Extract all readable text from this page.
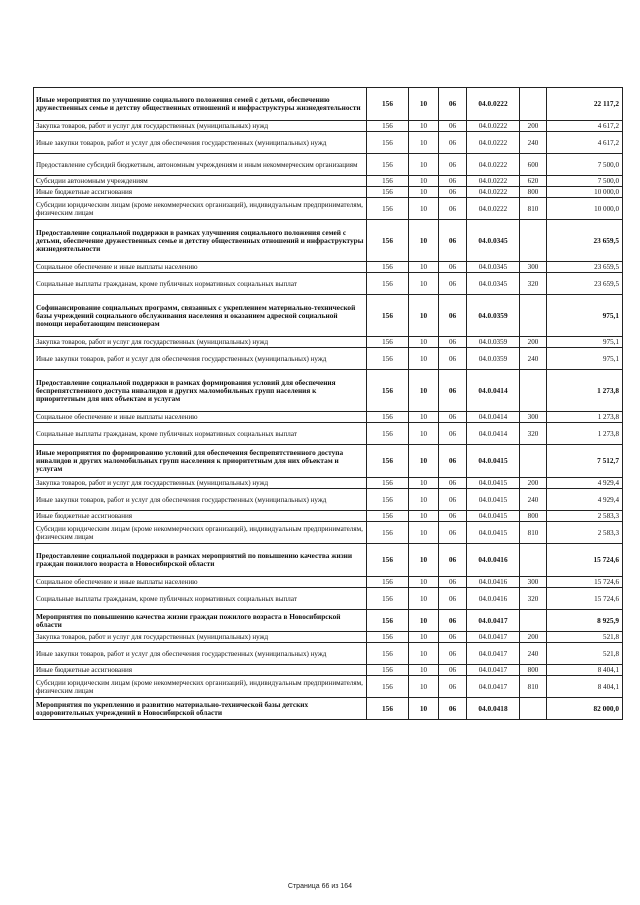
Иные мероприятия по улучшению социального положения семей с детьми, обеспечению дружественных семье и детству общественных отношений и инфраструктуры жизнедеятельности	156	10	06	04.0.0222		22 117,2
Закупка товаров, работ и услуг для государственных (муниципальных) нужд	156	10	06	04.0.0222	200	4 617,2
Иные закупки товаров, работ и услуг для обеспечения государственных (муниципальных) нужд	156	10	06	04.0.0222	240	4 617,2
Предоставление субсидий бюджетным, автономным учреждениям и иным некоммерческим организациям	156	10	06	04.0.0222	600	7 500,0
Субсидии автономным учреждениям	156	10	06	04.0.0222	620	7 500,0
Иные бюджетные ассигнования	156	10	06	04.0.0222	800	10 000,0
Субсидии юридическим лицам (кроме некоммерческих организаций), индивидуальным предпринимателям, физическим лицам	156	10	06	04.0.0222	810	10 000,0
Предоставление социальной поддержки в рамках улучшения социального положения семей с детьми, обеспечение дружественных семье и детству общественных отношений и инфраструктуры жизнедеятельности	156	10	06	04.0.0345		23 659,5
Социальное обеспечение и иные выплаты населению	156	10	06	04.0.0345	300	23 659,5
Социальные выплаты гражданам, кроме публичных нормативных социальных выплат	156	10	06	04.0.0345	320	23 659,5
Софинансирование социальных программ, связанных с укреплением материально-технической базы учреждений социального обслуживания населения и оказанием адресной социальной помощи неработающим пенсионерам	156	10	06	04.0.0359		975,1
Закупка товаров, работ и услуг для государственных (муниципальных) нужд	156	10	06	04.0.0359	200	975,1
Иные закупки товаров, работ и услуг для обеспечения государственных (муниципальных) нужд	156	10	06	04.0.0359	240	975,1
Предоставление социальной поддержки в рамках формирования условий для обеспечения беспрепятственного доступа инвалидов и других маломобильных групп населения к приоритетным для них объектам и услугам	156	10	06	04.0.0414		1 273,8
Социальное обеспечение и иные выплаты населению	156	10	06	04.0.0414	300	1 273,8
Социальные выплаты гражданам, кроме публичных нормативных социальных выплат	156	10	06	04.0.0414	320	1 273,8
Иные мероприятия по формированию условий для обеспечения беспрепятственного доступа инвалидов и других маломобильных групп населения к приоритетным для них объектам и услугам	156	10	06	04.0.0415		7 512,7
Закупка товаров, работ и услуг для государственных (муниципальных) нужд	156	10	06	04.0.0415	200	4 929,4
Иные закупки товаров, работ и услуг для обеспечения государственных (муниципальных) нужд	156	10	06	04.0.0415	240	4 929,4
Иные бюджетные ассигнования	156	10	06	04.0.0415	800	2 583,3
Субсидии юридическим лицам (кроме некоммерческих организаций), индивидуальным предпринимателям, физическим лицам	156	10	06	04.0.0415	810	2 583,3
Предоставление социальной поддержки в рамках мероприятий по повышению качества жизни граждан пожилого возраста в Новосибирской области	156	10	06	04.0.0416		15 724,6
Социальное обеспечение и иные выплаты населению	156	10	06	04.0.0416	300	15 724,6
Социальные выплаты гражданам, кроме публичных нормативных социальных выплат	156	10	06	04.0.0416	320	15 724,6
Мероприятия по повышению качества жизни граждан пожилого возраста в Новосибирской области	156	10	06	04.0.0417		8 925,9
Закупка товаров, работ и услуг для государственных (муниципальных) нужд	156	10	06	04.0.0417	200	521,8
Иные закупки товаров, работ и услуг для обеспечения государственных (муниципальных) нужд	156	10	06	04.0.0417	240	521,8
Иные бюджетные ассигнования	156	10	06	04.0.0417	800	8 404,1
Субсидии юридическим лицам (кроме некоммерческих организаций), индивидуальным предпринимателям, физическим лицам	156	10	06	04.0.0417	810	8 404,1
Мероприятия по укреплению и развитию материально-технической базы детских оздоровительных учреждений в Новосибирской области	156	10	06	04.0.0418		82 000,0
Страница 66 из 164
